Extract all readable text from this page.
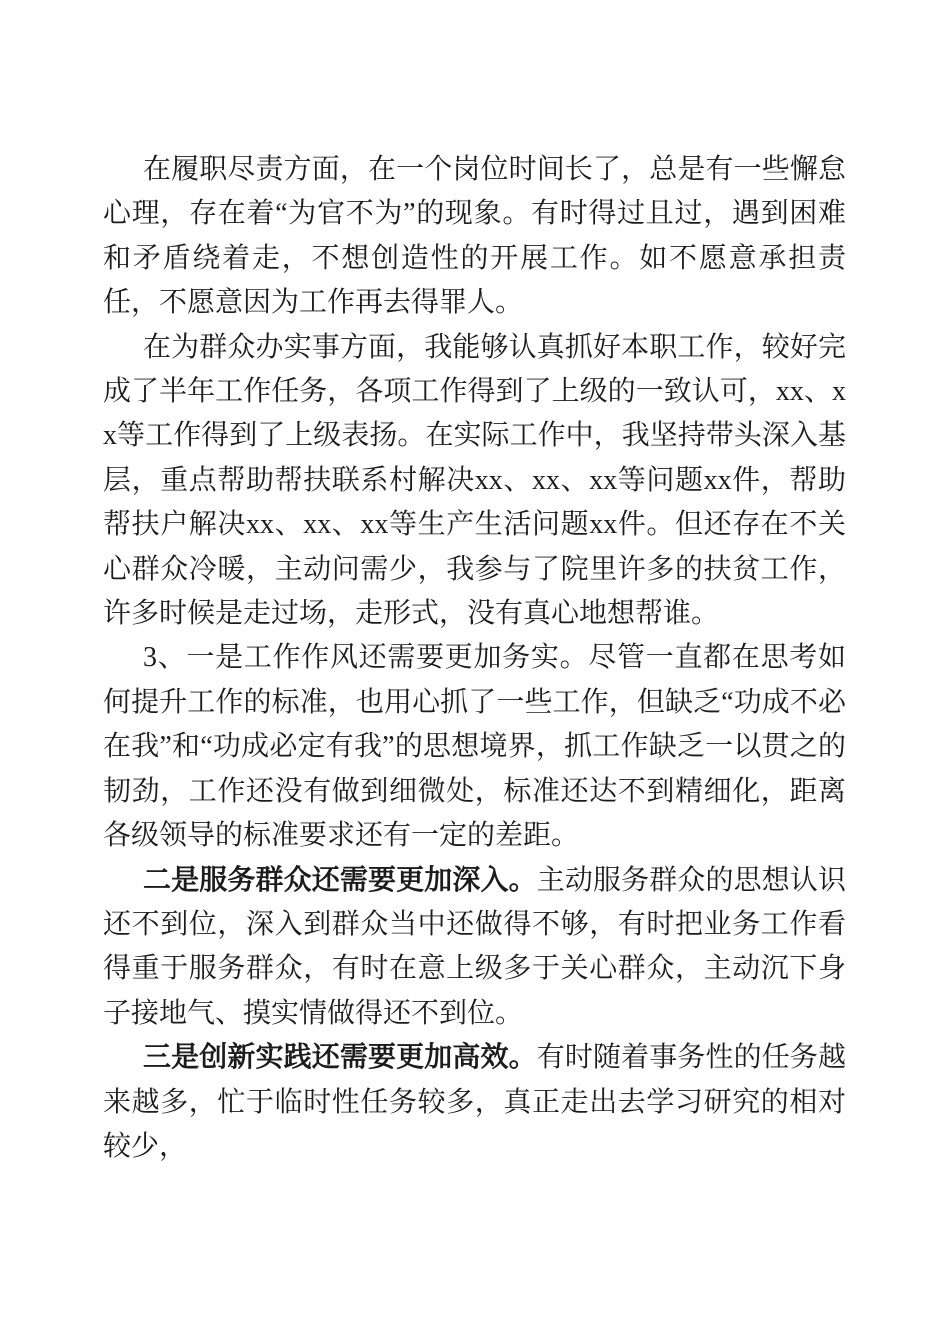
在履职尽责方面，在一个岗位时间长了，总是有一些懈怠心理，存在着“为官不为”的现象。有时得过且过，遇到困难和矛盾绕着走，不想创造性的开展工作。如不愿意承担责任，不愿意因为工作再去得罪人。

在为群众办实事方面，我能够认真抓好本职工作，较好完成了半年工作任务，各项工作得到了上级的一致认可，xx、xx等工作得到了上级表扬。在实际工作中，我坚持带头深入基层，重点帮助帮扶联系村解决xx、xx、xx等问题xx件，帮助帮扶户解决xx、xx、xx等生产生活问题xx件。但还存在不关心群众冷暖，主动问需少，我参与了院里许多的扶贫工作，许多时候是走过场，走形式，没有真心地想帮谁。

3、一是工作作风还需要更加务实。尽管一直都在思考如何提升工作的标准，也用心抓了一些工作，但缺乏“功成不必在我”和“功成必定有我”的思想境界，抓工作缺乏一以贯之的韧劲，工作还没有做到细微处，标准还达不到精细化，距离各级领导的标准要求还有一定的差距。

二是服务群众还需要更加深入。主动服务群众的思想认识还不到位，深入到群众当中还做得不够，有时把业务工作看得重于服务群众，有时在意上级多于关心群众，主动沉下身子接地气、摸实情做得还不到位。

三是创新实践还需要更加高效。有时随着事务性的任务越来越多，忙于临时性任务较多，真正走出去学习研究的相对较少，
